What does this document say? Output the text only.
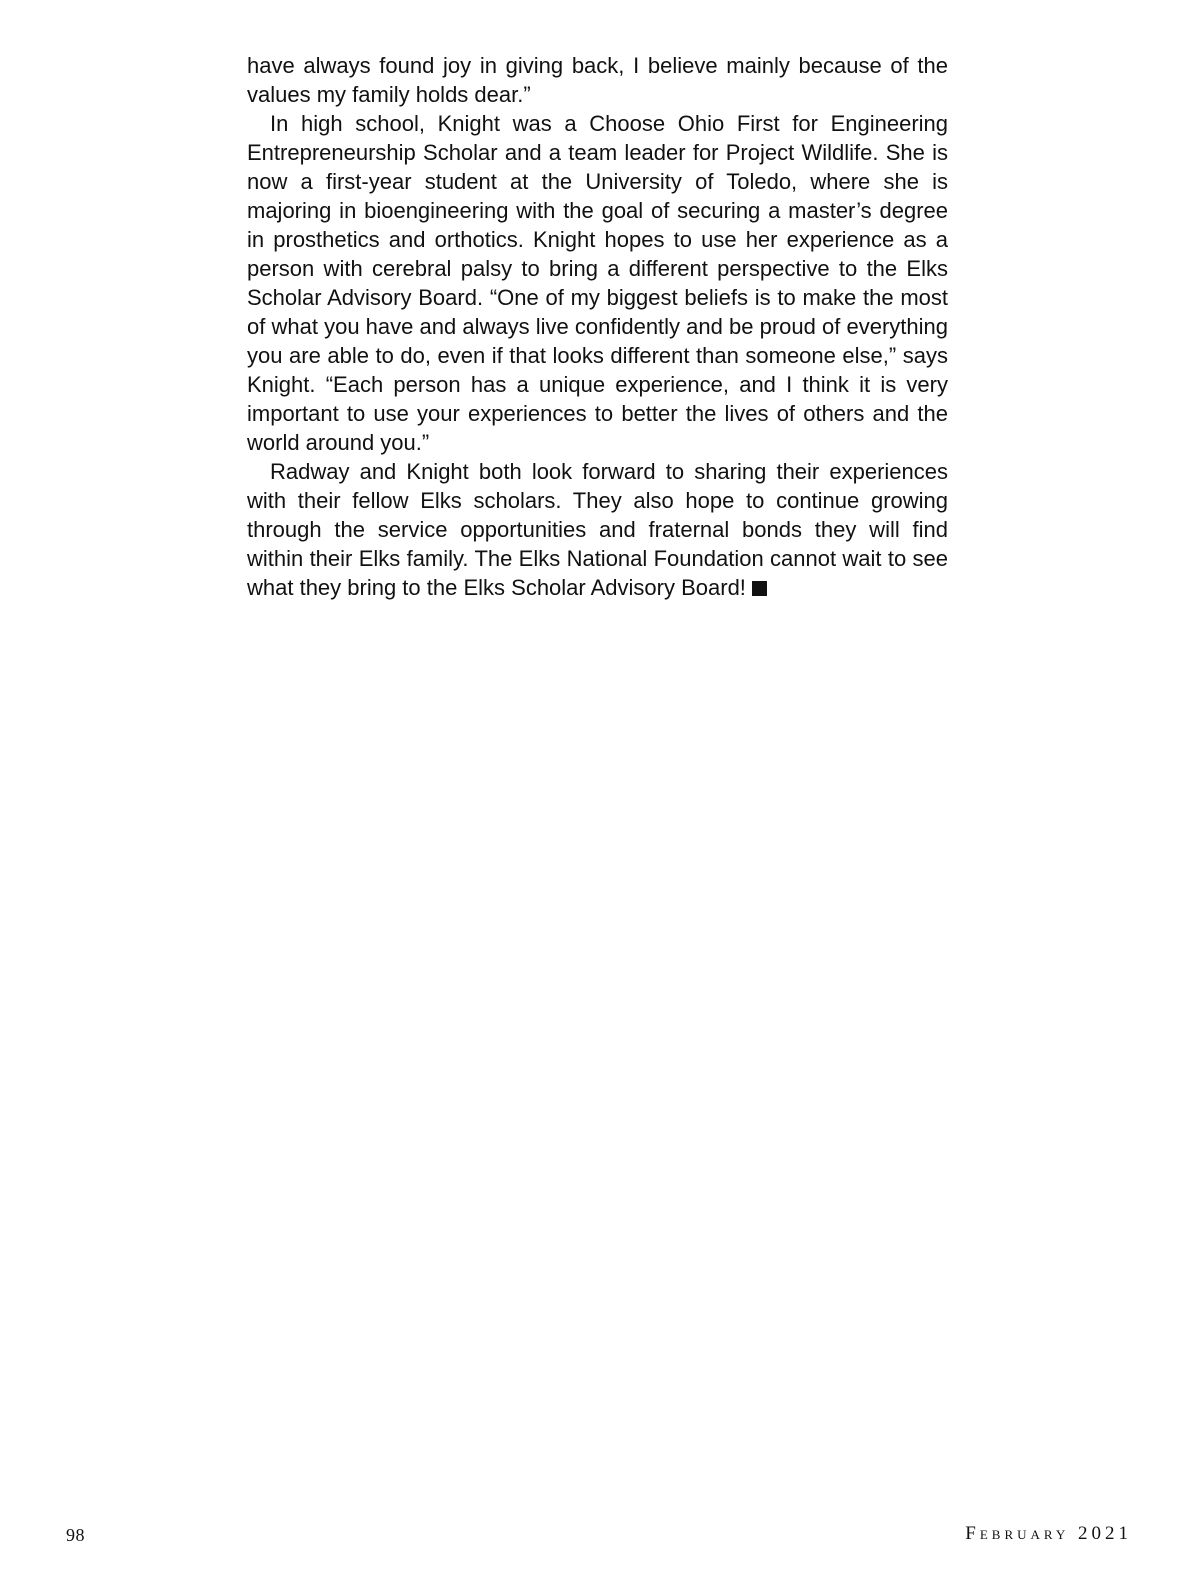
have always found joy in giving back, I believe mainly because of the values my family holds dear.”

In high school, Knight was a Choose Ohio First for Engineering Entrepreneurship Scholar and a team leader for Project Wildlife. She is now a first-year student at the University of Toledo, where she is majoring in bioengineering with the goal of securing a master’s degree in prosthetics and orthotics. Knight hopes to use her experience as a person with cerebral palsy to bring a different perspective to the Elks Scholar Advisory Board. “One of my biggest beliefs is to make the most of what you have and always live confidently and be proud of everything you are able to do, even if that looks different than someone else,” says Knight. “Each person has a unique experience, and I think it is very important to use your experiences to better the lives of others and the world around you.”

Radway and Knight both look forward to sharing their experiences with their fellow Elks scholars. They also hope to continue growing through the service opportunities and fraternal bonds they will find within their Elks family. The Elks National Foundation cannot wait to see what they bring to the Elks Scholar Advisory Board!

98	February 2021
